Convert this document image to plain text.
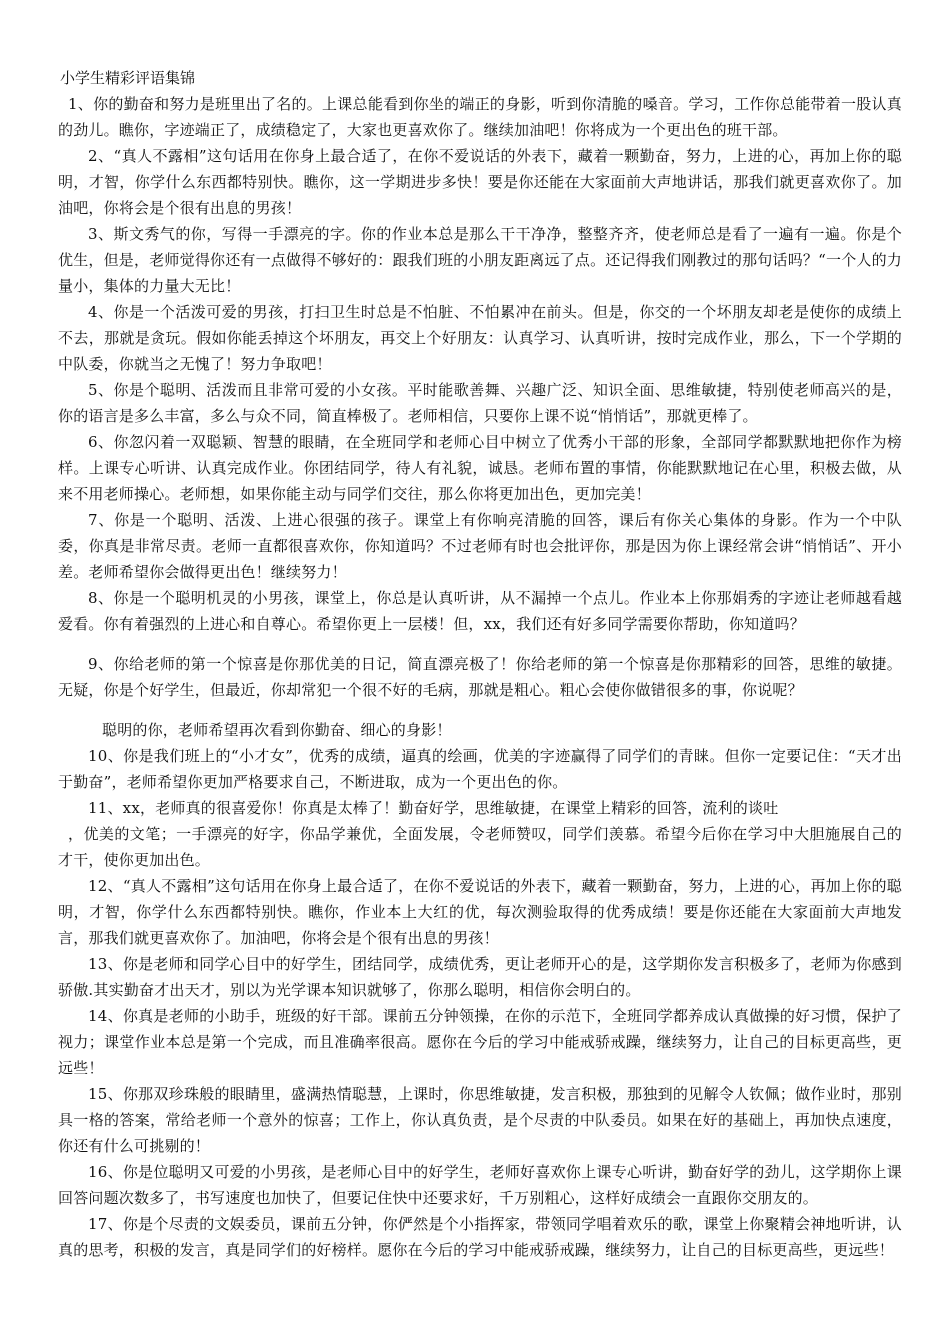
小学生精彩评语集锦

1、你的勤奋和努力是班里出了名的。上课总能看到你坐的端正的身影，听到你清脆的嗓音。学习，工作你总能带着一股认真的劲儿。瞧你，字迹端正了，成绩稳定了，大家也更喜欢你了。继续加油吧！你将成为一个更出色的班干部。

2、“真人不露相”这句话用在你身上最合适了，在你不爱说话的外表下，藏着一颗勤奋，努力，上进的心，再加上你的聪明，才智，你学什么东西都特别快。瞧你，这一学期进步多快！要是你还能在大家面前大声地讲话，那我们就更喜欢你了。加油吧，你将会是个很有出息的男孩！

3、斯文秀气的你，写得一手漂亮的字。你的作业本总是那么干干净净，整整齐齐，使老师总是看了一遍有一遍。你是个优生，但是，老师觉得你还有一点做得不够好的：跟我们班的小朋友距离远了点。还记得我们刚教过的那句话吗？“一个人的力量小，集体的力量大无比！

4、你是一个活泼可爱的男孩，打扫卫生时总是不怕脏、不怕累冲在前头。但是，你交的一个坏朋友却老是使你的成绩上不去，那就是贪玩。假如你能丢掉这个坏朋友，再交上个好朋友：认真学习、认真听讲，按时完成作业，那么，下一个学期的中队委，你就当之无愧了！努力争取吧！

5、你是个聪明、活泼而且非常可爱的小女孩。平时能歌善舞、兴趣广泛、知识全面、思维敏捷，特别使老师高兴的是，你的语言是多么丰富，多么与众不同，简直棒极了。老师相信，只要你上课不说“悄悄话”，那就更棒了。

6、你忽闪着一双聪颖、智慧的眼睛，在全班同学和老师心目中树立了优秀小干部的形象，全部同学都默默地把你作为榜样。上课专心听讲、认真完成作业。你团结同学，待人有礼貌，诚恳。老师布置的事情，你能默默地记在心里，积极去做，从来不用老师操心。老师想，如果你能主动与同学们交往，那么你将更加出色，更加完美！

7、你是一个聪明、活泼、上进心很强的孩子。课堂上有你响亮清脆的回答，课后有你关心集体的身影。作为一个中队委，你真是非常尽责。老师一直都很喜欢你，你知道吗？不过老师有时也会批评你，那是因为你上课经常会讲“悄悄话”、开小差。老师希望你会做得更出色！继续努力！

8、你是一个聪明机灵的小男孩，课堂上，你总是认真听讲，从不漏掉一个点儿。作业本上你那娟秀的字迹让老师越看越爱看。你有着强烈的上进心和自尊心。希望你更上一层楼！但，xx，我们还有好多同学需要你帮助，你知道吗？

9、你给老师的第一个惊喜是你那优美的日记，简直漂亮极了！你给老师的第一个惊喜是你那精彩的回答，思维的敏捷。无疑，你是个好学生，但最近，你却常犯一个很不好的毛病，那就是粗心。粗心会使你做错很多的事，你说呢？

聪明的你，老师希望再次看到你勤奋、细心的身影！

10、你是我们班上的“小才女”，优秀的成绩，逼真的绘画，优美的字迹赢得了同学们的青睐。但你一定要记住：“天才出于勤奋”，老师希望你更加严格要求自己，不断进取，成为一个更出色的你。

11、xx，老师真的很喜爱你！你真是太棒了！勤奋好学，思维敏捷，在课堂上精彩的回答，流利的谈吐

，优美的文笔；一手漂亮的好字，你品学兼优，全面发展，令老师赞叹，同学们羡慕。希望今后你在学习中大胆施展自己的才干，使你更加出色。

12、“真人不露相”这句话用在你身上最合适了，在你不爱说话的外表下，藏着一颗勤奋，努力，上进的心，再加上你的聪明，才智，你学什么东西都特别快。瞧你，作业本上大红的优，每次测验取得的优秀成绩！要是你还能在大家面前大声地发言，那我们就更喜欢你了。加油吧，你将会是个很有出息的男孩！

13、你是老师和同学心目中的好学生，团结同学，成绩优秀，更让老师开心的是，这学期你发言积极多了，老师为你感到骄傲.其实勤奋才出天才，别以为光学课本知识就够了，你那么聪明，相信你会明白的。

14、你真是老师的小助手，班级的好干部。课前五分钟领操，在你的示范下，全班同学都养成认真做操的好习惯，保护了视力；课堂作业本总是第一个完成，而且准确率很高。愿你在今后的学习中能戒骄戒躁，继续努力，让自己的目标更高些，更远些！

15、你那双珍珠般的眼睛里，盛满热情聪慧，上课时，你思维敏捷，发言积极，那独到的见解令人钦佩；做作业时，那别具一格的答案，常给老师一个意外的惊喜；工作上，你认真负责，是个尽责的中队委员。如果在好的基础上，再加快点速度，你还有什么可挑剔的！

16、你是位聪明又可爱的小男孩，是老师心目中的好学生，老师好喜欢你上课专心听讲，勤奋好学的劲儿，这学期你上课回答问题次数多了，书写速度也加快了，但要记住快中还要求好，千万别粗心，这样好成绩会一直跟你交朋友的。

17、你是个尽责的文娱委员，课前五分钟，你俨然是个小指挥家，带领同学唱着欢乐的歌，课堂上你聚精会神地听讲，认真的思考，积极的发言，真是同学们的好榜样。愿你在今后的学习中能戒骄戒躁，继续努力，让自己的目标更高些，更远些！
